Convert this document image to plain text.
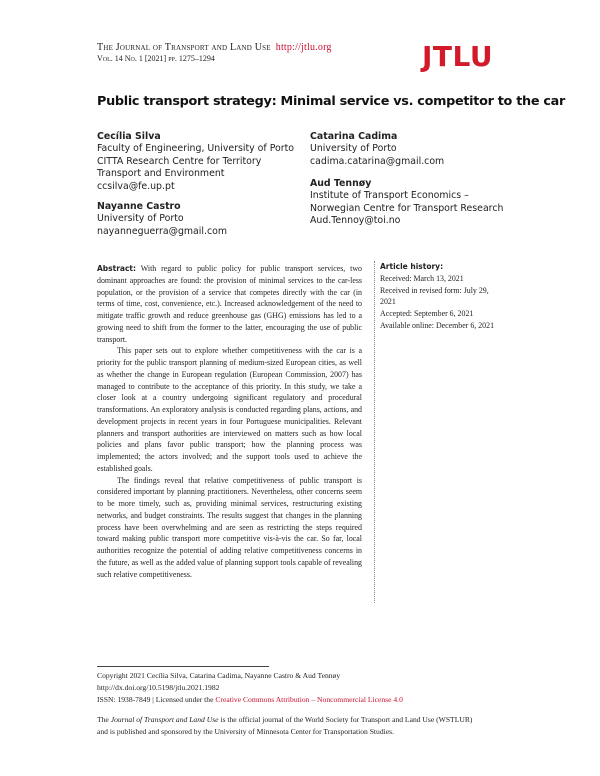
The Journal of Transport and Land Use http://jtlu.org
Vol. 14 No. 1 [2021] pp. 1275–1294	JTLU
Public transport strategy: Minimal service vs. competitor to the car
Cecília Silva
Faculty of Engineering, University of Porto
CITTA Research Centre for Territory
Transport and Environment
ccsilva@fe.up.pt
Nayanne Castro
University of Porto
nayanneguerra@gmail.com
Catarina Cadima
University of Porto
cadima.catarina@gmail.com
Aud Tennøy
Institute of Transport Economics –
Norwegian Centre for Transport Research
Aud.Tennoy@toi.no

Abstract: With regard to public policy for public transport services, two dominant approaches are found: the provision of minimal services to the car-less population, or the provision of a service that competes directly with the car (in terms of time, cost, convenience, etc.). Increased acknowledgement of the need to mitigate traffic growth and reduce greenhouse gas (GHG) emissions has led to a growing need to shift from the former to the latter, encouraging the use of public transport.

This paper sets out to explore whether competitiveness with the car is a priority for the public transport planning of medium-sized European cities, as well as whether the change in European regulation (European Commission, 2007) has managed to contribute to the acceptance of this priority. In this study, we take a closer look at a country undergoing significant regulatory and procedural transformations. An exploratory analysis is conducted regarding plans, actions, and development projects in recent years in four Portuguese municipalities. Relevant planners and transport authorities are interviewed on matters such as how local policies and plans favor public transport; how the planning process was implemented; the actors involved; and the support tools used to achieve the established goals.

The findings reveal that relative competitiveness of public transport is considered important by planning practitioners. Nevertheless, other concerns seem to be more timely, such as, providing minimal services, restructuring existing networks, and budget constraints. The results suggest that changes in the planning process have been overwhelming and are seen as restricting the steps required toward making public transport more competitive vis-à-vis the car. So far, local authorities recognize the potential of adding relative competitiveness concerns in the future, as well as the added value of planning support tools capable of revealing such relative competitiveness.

Article history:
Received: March 13, 2021
Received in revised form: July 29, 2021
Accepted: September 6, 2021
Available online: December 6, 2021
Copyright 2021 Cecília Silva, Catarina Cadima, Nayanne Castro & Aud Tennøy
http://dx.doi.org/10.5198/jtlu.2021.1982
ISSN: 1938-7849 | Licensed under the Creative Commons Attribution – Noncommercial License 4.0
The Journal of Transport and Land Use is the official journal of the World Society for Transport and Land Use (WSTLUR)
and is published and sponsored by the University of Minnesota Center for Transportation Studies.
